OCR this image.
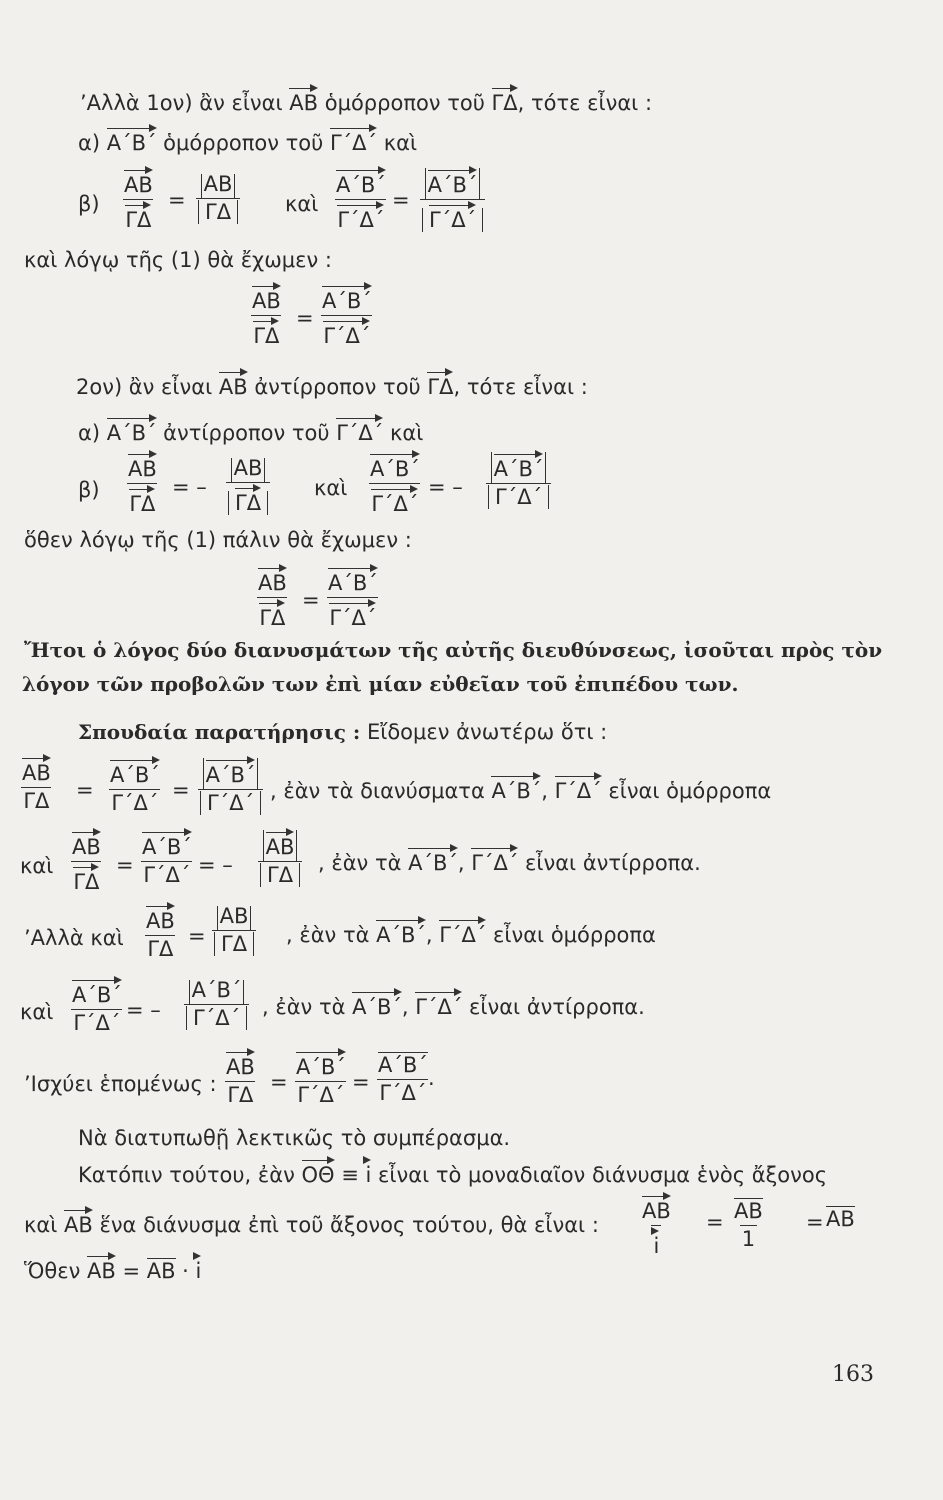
’Αλλὰ 1ον) ἂν εἶναι ΑΒ ὁμόρροπον τοῦ ΓΔ, τότε εἶναι :
α) Α΄Β΄ ὁμόρροπον τοῦ Γ΄Δ΄ καὶ
$\beta) \frac{AB}{\Gamma\Delta} = \frac{AB}{\Gamma\Delta}$ καὶ $\frac{A΄B΄}{\Gamma΄\Delta΄} = \frac{A΄B΄}{\Gamma΄\Delta΄}$
καὶ λόγῳ τῆς (1) θὰ ἔχωμεν :
$\frac{AB}{\Gamma\Delta} = \frac{A΄B΄}{\Gamma΄\Delta΄}$
2ον) ἂν εἶναι ΑΒ ἀντίρροπον τοῦ ΓΔ, τότε εἶναι :
α) Α΄Β΄ ἀντίρροπον τοῦ Γ΄Δ΄ καὶ
$\beta) \frac{AB}{\Gamma\Delta}$ = – $\frac{AB}{\Gamma\Delta}$ καὶ $\frac{A΄B΄}{\Gamma΄\Delta΄}$ = – $\frac{A΄B΄}{\Gamma΄\Delta΄}$
ὅθεν λόγῳ τῆς (1) πάλιν θὰ ἔχωμεν :
$\frac{AB}{\Gamma\Delta} = \frac{A΄B΄}{\Gamma΄\Delta΄}$
Ἤτοι ὁ λόγος δύο διανυσμάτων τῆς αὐτῆς διευθύνσεως, ἰσοῦται πρὸς τὸν
λόγον τῶν προβολῶν των ἐπὶ μίαν εὐθεῖαν τοῦ ἐπιπέδου των.
Σπουδαία παρατήρησις : Εἴδομεν ἀνωτέρω ὅτι :
$\frac{AB}{\Gamma\Delta} = \frac{A΄B΄}{\Gamma΄\Delta΄} = \frac{A΄B΄}{\Gamma΄\Delta΄}$ , ἐὰν τὰ διανύσματα Α΄Β΄, Γ΄Δ΄ εἶναι ὁμόρροπα
καὶ $\frac{AB}{\Gamma\Delta} = \frac{A΄B΄}{\Gamma΄\Delta΄}$ = – $\frac{AB}{\Gamma\Delta}$ , ἐὰν τὰ Α΄Β΄, Γ΄Δ΄ εἶναι ἀντίρροπα.
’Αλλὰ καὶ $\frac{AB}{\Gamma\Delta} = \frac{AB}{\Gamma\Delta}$ , ἐὰν τὰ Α΄Β΄, Γ΄Δ΄ εἶναι ὁμόρροπα
καὶ $\frac{A΄B΄}{\Gamma΄\Delta΄}$ = – $\frac{A΄B΄}{\Gamma΄\Delta΄}$ , ἐὰν τὰ Α΄Β΄, Γ΄Δ΄ εἶναι ἀντίρροπα.
’Ισχύει ἑπομένως : $\frac{AB}{\Gamma\Delta} = \frac{A΄B΄}{\Gamma΄\Delta΄} = \frac{A΄B΄}{\Gamma΄\Delta΄}$
.
Νὰ διατυπωθῇ λεκτικῶς τὸ συμπέρασμα.
Κατόπιν τούτου, ἐὰν ΟΘ ≡ i εἶναι τὸ μοναδιαῖον διάνυσμα ἑνὸς ἄξονος
καὶ ΑΒ ἕνα διάνυσμα ἐπὶ τοῦ ἄξονος τούτου, θὰ εἶναι : $\frac{AB}{i} = \frac{AB}{1} = AB$
Ὅθεν ΑΒ = ΑΒ · i
163
